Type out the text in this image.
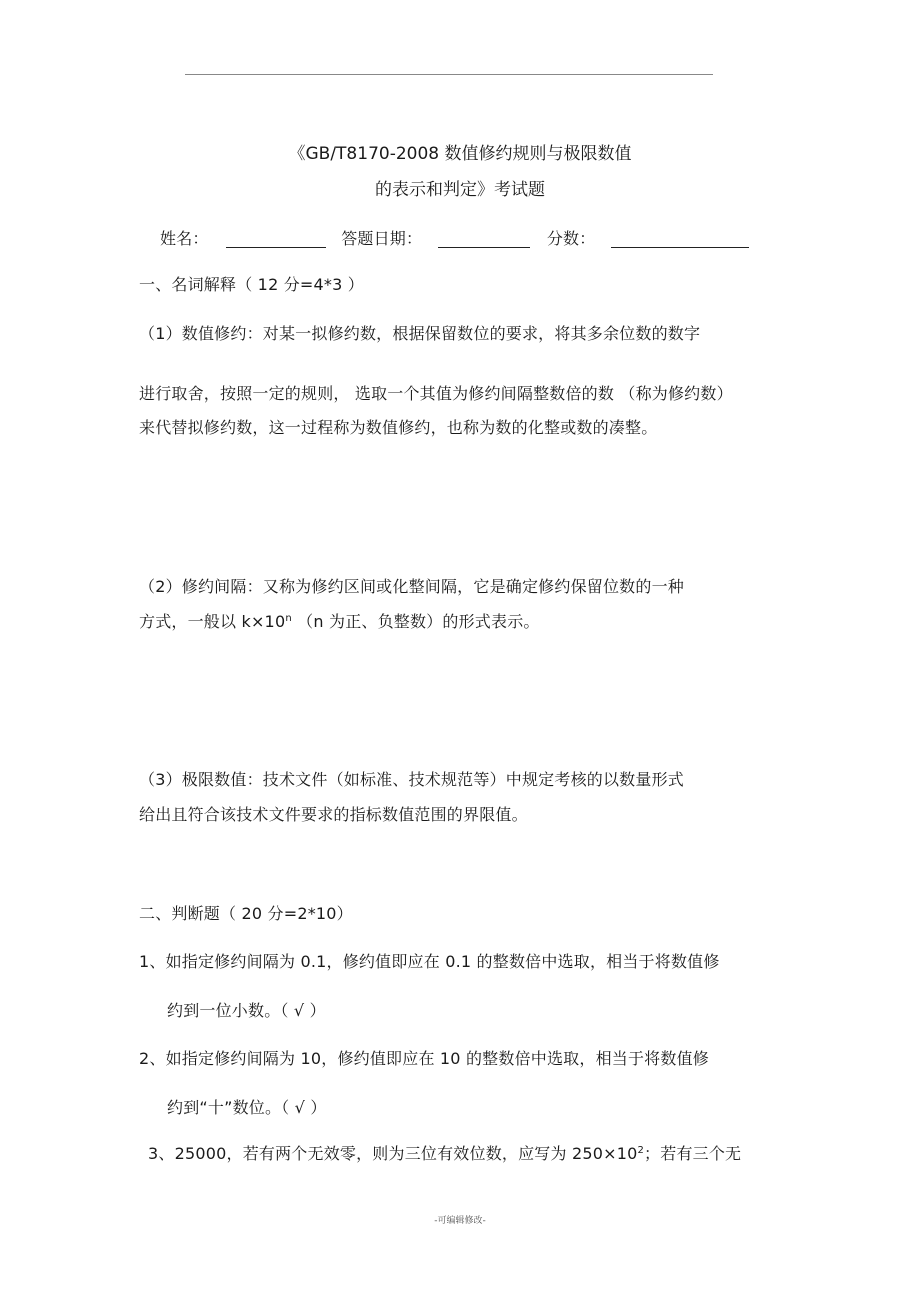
《GB/T8170-2008 数值修约规则与极限数值
的表示和判定》考试题
姓名：	答题日期：	分数：
一、名词解释（ 12 分=4*3 ）
（1）数值修约：对某一拟修约数，根据保留数位的要求，将其多余位数的数字
进行取舍，按照一定的规则， 选取一个其值为修约间隔整数倍的数 （称为修约数）
来代替拟修约数，这一过程称为数值修约，也称为数的化整或数的凑整。
（2）修约间隔：又称为修约区间或化整间隔，它是确定修约保留位数的一种
方式，一般以 $k\times 10^n$ （n 为正、负整数）的形式表示。
（3）极限数值：技术文件（如标准、技术规范等）中规定考核的以数量形式
给出且符合该技术文件要求的指标数值范围的界限值。
二、判断题（ 20 分=2*10）
1、如指定修约间隔为 0.1，修约值即应在 0.1 的整数倍中选取，相当于将数值修
约到一位小数。（ √ ）
2、如指定修约间隔为 10，修约值即应在 10 的整数倍中选取，相当于将数值修
约到“十”数位。（ √ ）
3、25000，若有两个无效零，则为三位有效位数，应写为 $250\times 10^2$；若有三个无
-可编辑修改-
